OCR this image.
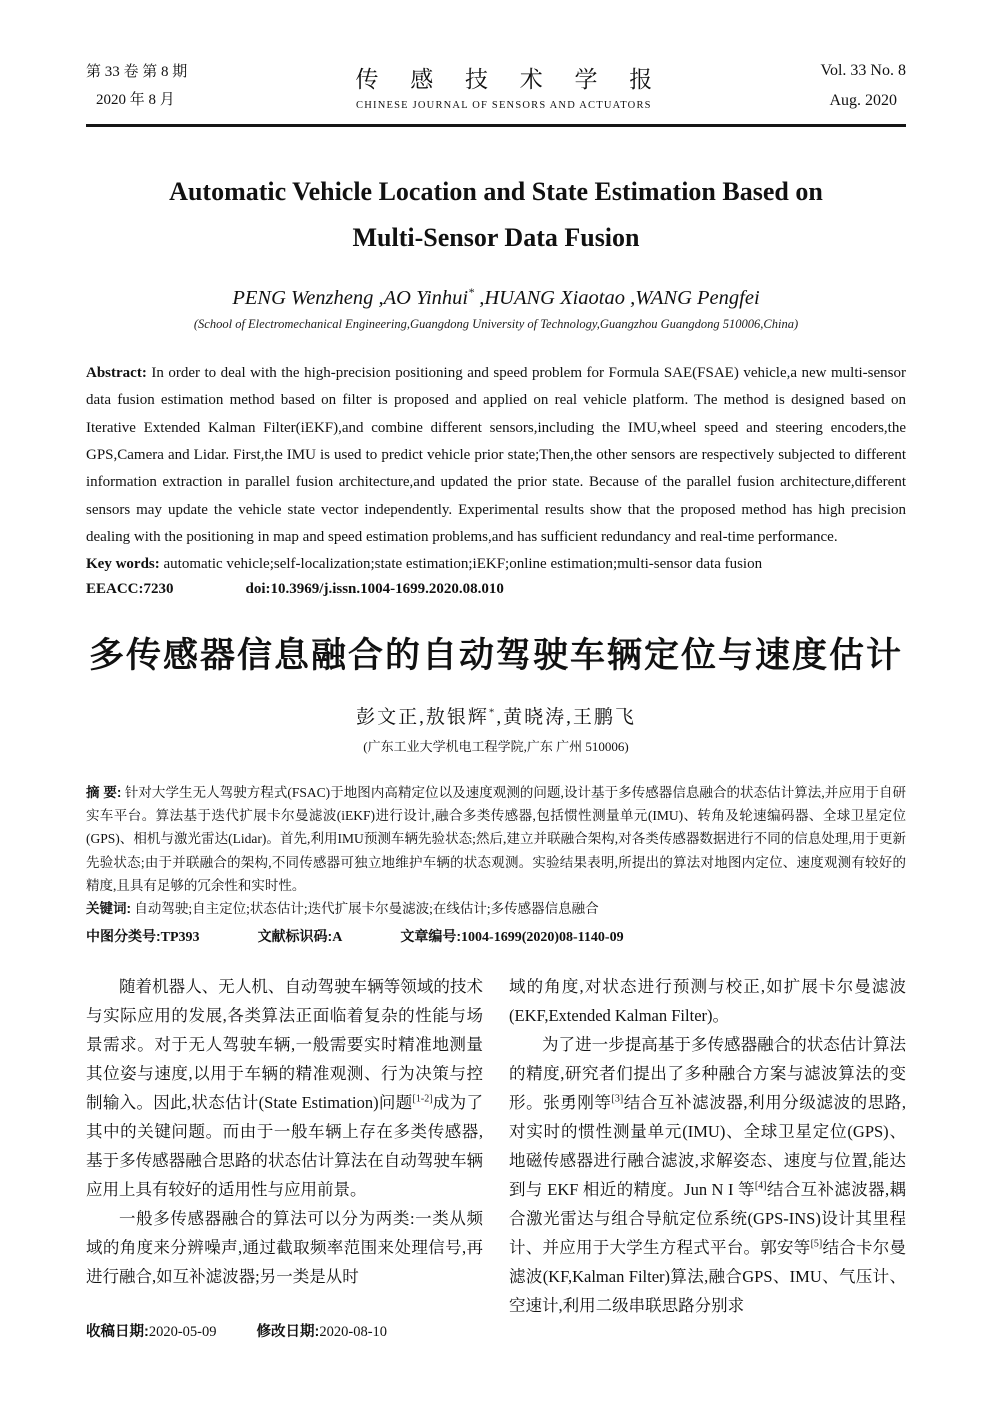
第 33 卷 第 8 期
2020 年 8 月
传 感 技 术 学 报
CHINESE JOURNAL OF SENSORS AND ACTUATORS
Vol. 33 No. 8
Aug. 2020
Automatic Vehicle Location and State Estimation Based on
Multi-Sensor Data Fusion
PENG Wenzheng ,AO Yinhui* ,HUANG Xiaotao ,WANG Pengfei
(School of Electromechanical Engineering,Guangdong University of Technology,Guangzhou Guangdong 510006,China)
Abstract: In order to deal with the high-precision positioning and speed problem for Formula SAE(FSAE) vehicle,a new multi-sensor data fusion estimation method based on filter is proposed and applied on real vehicle platform. The method is designed based on Iterative Extended Kalman Filter(iEKF),and combine different sensors,including the IMU,wheel speed and steering encoders,the GPS,Camera and Lidar. First,the IMU is used to predict vehicle prior state;Then,the other sensors are respectively subjected to different information extraction in parallel fusion architecture,and updated the prior state. Because of the parallel fusion architecture,different sensors may update the vehicle state vector independently. Experimental results show that the proposed method has high precision dealing with the positioning in map and speed estimation problems,and has sufficient redundancy and real-time performance.
Key words: automatic vehicle;self-localization;state estimation;iEKF;online estimation;multi-sensor data fusion
EEACC:7230	doi:10.3969/j.issn.1004-1699.2020.08.010
多传感器信息融合的自动驾驶车辆定位与速度估计
彭文正,敖银辉*,黄晓涛,王鹏飞
(广东工业大学机电工程学院,广东 广州 510006)
摘 要: 针对大学生无人驾驶方程式(FSAC)于地图内高精定位以及速度观测的问题,设计基于多传感器信息融合的状态估计算法,并应用于自研实车平台。算法基于迭代扩展卡尔曼滤波(iEKF)进行设计,融合多类传感器,包括惯性测量单元(IMU)、转角及轮速编码器、全球卫星定位(GPS)、相机与激光雷达(Lidar)。首先,利用IMU预测车辆先验状态;然后,建立并联融合架构,对各类传感器数据进行不同的信息处理,用于更新先验状态;由于并联融合的架构,不同传感器可独立地维护车辆的状态观测。实验结果表明,所提出的算法对地图内定位、速度观测有较好的精度,且具有足够的冗余性和实时性。
关键词: 自动驾驶;自主定位;状态估计;迭代扩展卡尔曼滤波;在线估计;多传感器信息融合
中图分类号:TP393	文献标识码:A	文章编号:1004-1699(2020)08-1140-09

随着机器人、无人机、自动驾驶车辆等领域的技术与实际应用的发展,各类算法正面临着复杂的性能与场景需求。对于无人驾驶车辆,一般需要实时精准地测量其位姿与速度,以用于车辆的精准观测、行为决策与控制输入。因此,状态估计(State Estimation)问题[1-2]成为了其中的关键问题。而由于一般车辆上存在多类传感器,基于多传感器融合思路的状态估计算法在自动驾驶车辆应用上具有较好的适用性与应用前景。

一般多传感器融合的算法可以分为两类:一类从频域的角度来分辨噪声,通过截取频率范围来处理信号,再进行融合,如互补滤波器;另一类是从时

域的角度,对状态进行预测与校正,如扩展卡尔曼滤波(EKF,Extended Kalman Filter)。

为了进一步提高基于多传感器融合的状态估计算法的精度,研究者们提出了多种融合方案与滤波算法的变形。张勇刚等[3]结合互补滤波器,利用分级滤波的思路,对实时的惯性测量单元(IMU)、全球卫星定位(GPS)、地磁传感器进行融合滤波,求解姿态、速度与位置,能达到与 EKF 相近的精度。Jun N I 等[4]结合互补滤波器,耦合激光雷达与组合导航定位系统(GPS-INS)设计其里程计、并应用于大学生方程式平台。郭安等[5]结合卡尔曼滤波(KF,Kalman Filter)算法,融合GPS、IMU、气压计、空速计,利用二级串联思路分别求

收稿日期:2020-05-09	修改日期:2020-08-10
